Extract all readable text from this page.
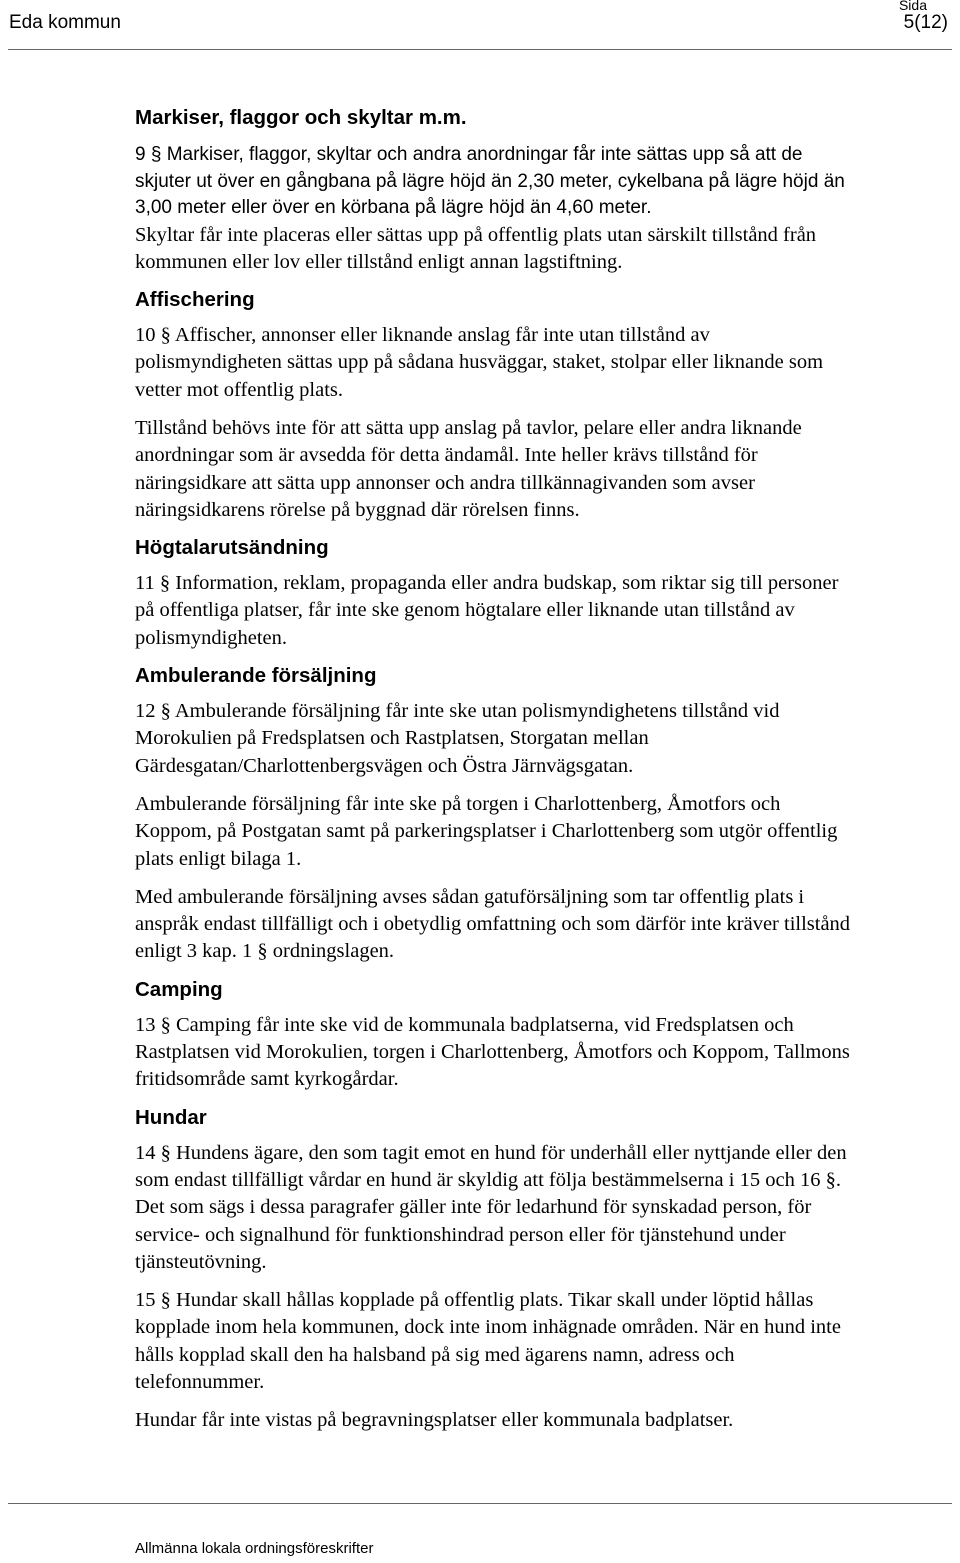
Eda kommun
Sida
5(12)
Markiser, flaggor och skyltar m.m.

9 § Markiser, flaggor, skyltar och andra anordningar får inte sättas upp så att de skjuter ut över en gångbana på lägre höjd än 2,30 meter, cykelbana på lägre höjd än 3,00 meter eller över en körbana på lägre höjd än 4,60 meter.

Skyltar får inte placeras eller sättas upp på offentlig plats utan särskilt tillstånd från kommunen eller lov eller tillstånd enligt annan lagstiftning.

Affischering

10 § Affischer, annonser eller liknande anslag får inte utan tillstånd av polismyndigheten sättas upp på sådana husväggar, staket, stolpar eller liknande som vetter mot offentlig plats.

Tillstånd behövs inte för att sätta upp anslag på tavlor, pelare eller andra liknande anordningar som är avsedda för detta ändamål. Inte heller krävs tillstånd för näringsidkare att sätta upp annonser och andra tillkännagivanden som avser näringsidkarens rörelse på byggnad där rörelsen finns.

Högtalarutsändning

11 § Information, reklam, propaganda eller andra budskap, som riktar sig till personer på offentliga platser, får inte ske genom högtalare eller liknande utan tillstånd av polismyndigheten.

Ambulerande försäljning

12 § Ambulerande försäljning får inte ske utan polismyndighetens tillstånd vid Morokulien på Fredsplatsen och Rastplatsen, Storgatan mellan Gärdesgatan/Charlottenbergsvägen och Östra Järnvägsgatan.

Ambulerande försäljning får inte ske på torgen i Charlottenberg, Åmotfors och Koppom, på Postgatan samt på parkeringsplatser i Charlottenberg som utgör offentlig plats enligt bilaga 1.

Med ambulerande försäljning avses sådan gatuförsäljning som tar offentlig plats i anspråk endast tillfälligt och i obetydlig omfattning och som därför inte kräver tillstånd enligt 3 kap. 1 § ordningslagen.

Camping

13 § Camping får inte ske vid de kommunala badplatserna, vid Fredsplatsen och Rastplatsen vid Morokulien, torgen i Charlottenberg, Åmotfors och Koppom, Tallmons fritidsområde samt kyrkogårdar.

Hundar

14 § Hundens ägare, den som tagit emot en hund för underhåll eller nyttjande eller den som endast tillfälligt vårdar en hund är skyldig att följa bestämmelserna i 15 och 16 §. Det som sägs i dessa paragrafer gäller inte för ledarhund för synskadad person, för service- och signalhund för funktionshindrad person eller för tjänstehund under tjänsteutövning.

15 § Hundar skall hållas kopplade på offentlig plats. Tikar skall under löptid hållas kopplade inom hela kommunen, dock inte inom inhägnade områden. När en hund inte hålls kopplad skall den ha halsband på sig med ägarens namn, adress och telefonnummer.

Hundar får inte vistas på begravningsplatser eller kommunala badplatser.

Allmänna lokala ordningsföreskrifter
